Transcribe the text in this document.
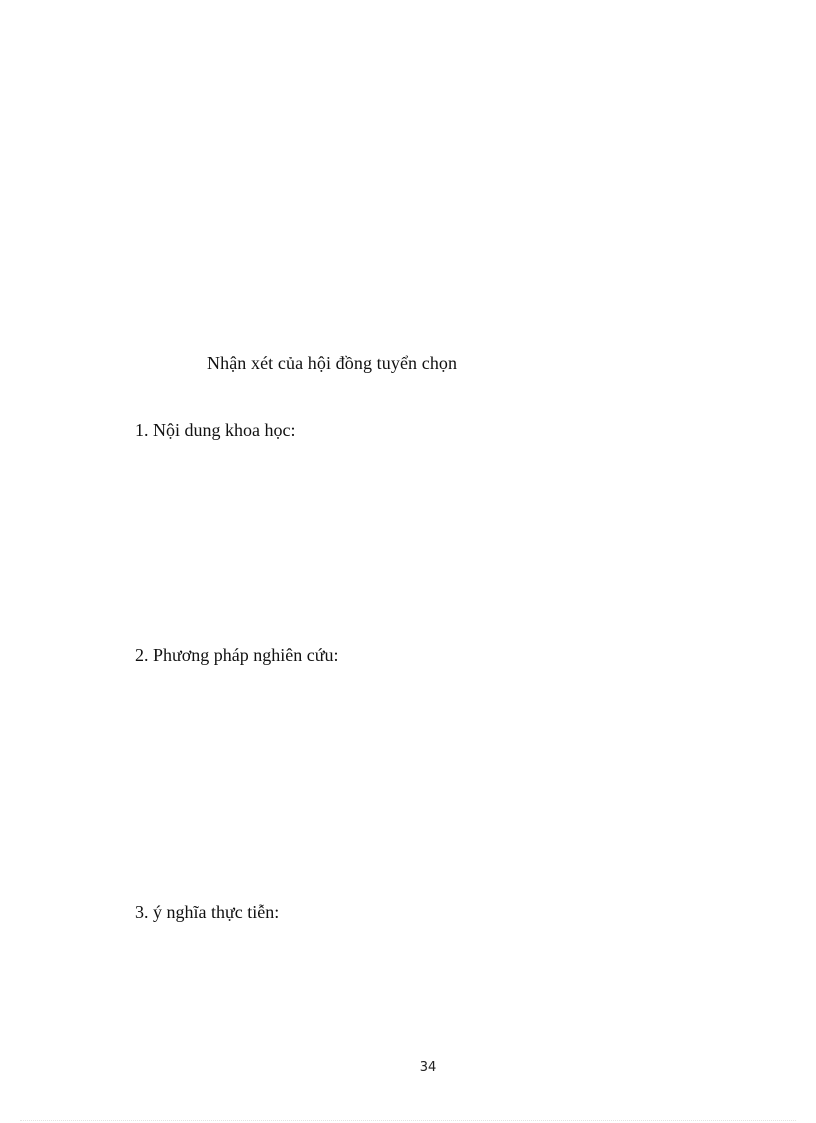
Nhận xét của hội đồng tuyển chọn
1. Nội dung khoa học:
2. Phương pháp nghiên cứu:
3. ý nghĩa thực tiễn:
34
